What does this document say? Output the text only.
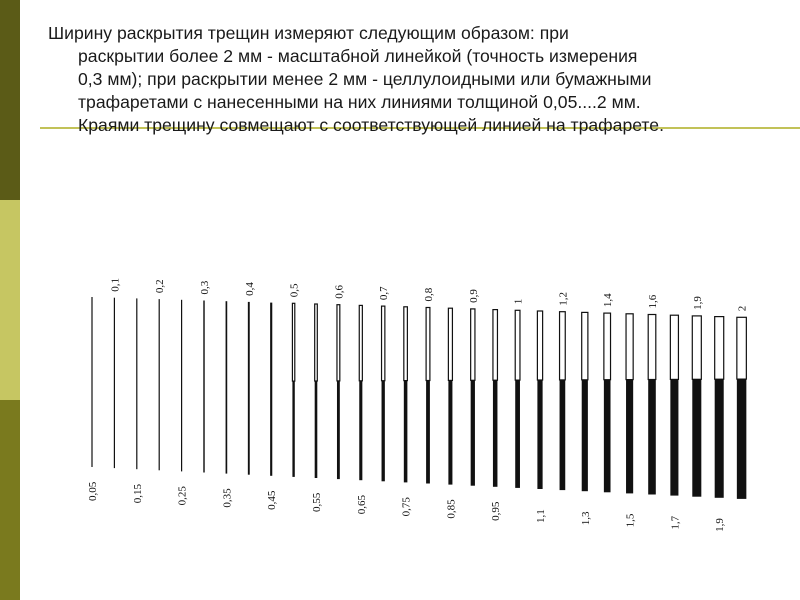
Ширину раскрытия трещин измеряют следующим образом: при
раскрытии более 2 мм - масштабной линейкой (точность измерения
0,3 мм); при раскрытии менее 2 мм - целлулоидными или бумажными
трафаретами с нанесенными на них линиями толщиной 0,05....2 мм.
Краями трещину совмещают с соответствующей линией на трафарете.
0,1	0,2	0,3	0,4	0,5	0,6	0,7	0,8	0,9	1	1,2	1,4	1,6	1,9	2
0,05	0,15	0,25	0,35	0,45	0,55	0,65	0,75	0,85	0,95	1,1	1,3	1,5	1,7	1,9
